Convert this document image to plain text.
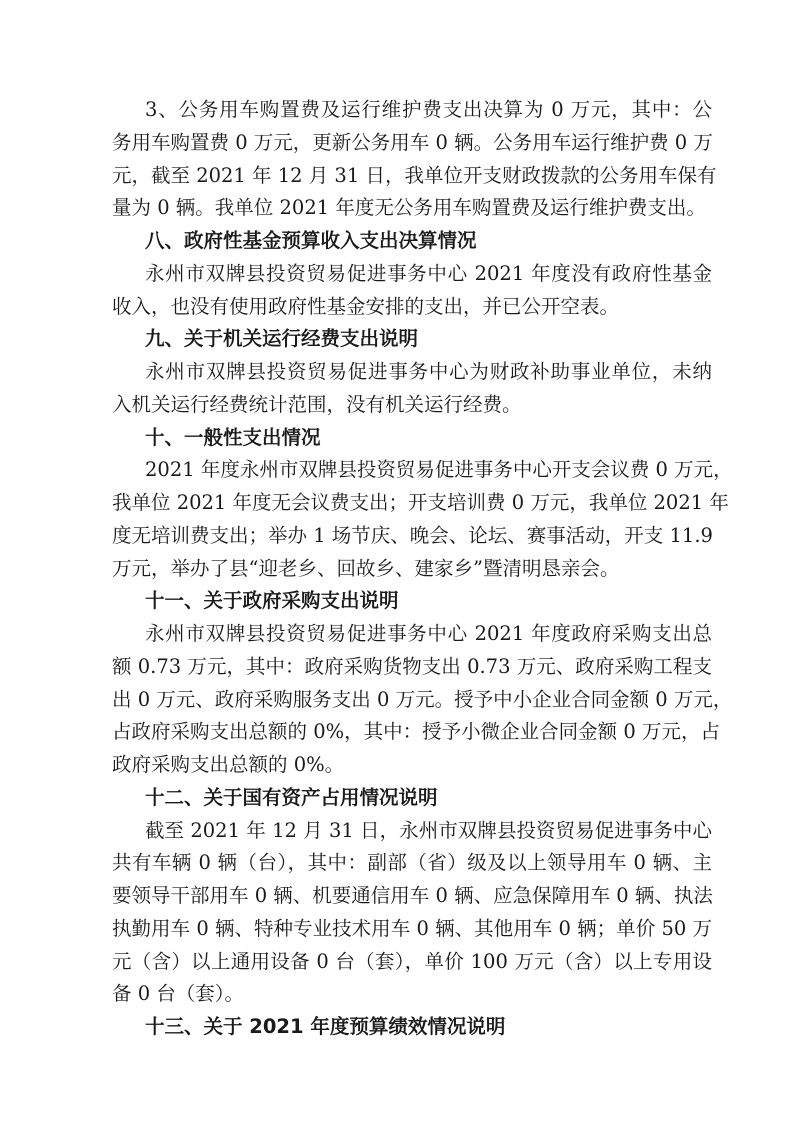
3、公务用车购置费及运行维护费支出决算为 0 万元，其中：公
务用车购置费 0 万元，更新公务用车 0 辆。公务用车运行维护费 0 万
元，截至 2021 年 12 月 31 日，我单位开支财政拨款的公务用车保有
量为 0 辆。我单位 2021 年度无公务用车购置费及运行维护费支出。
八、政府性基金预算收入支出决算情况
永州市双牌县投资贸易促进事务中心 2021 年度没有政府性基金
收入，也没有使用政府性基金安排的支出，并已公开空表。
九、关于机关运行经费支出说明
永州市双牌县投资贸易促进事务中心为财政补助事业单位，未纳
入机关运行经费统计范围，没有机关运行经费。
十、一般性支出情况
2021 年度永州市双牌县投资贸易促进事务中心开支会议费 0 万元，
我单位 2021 年度无会议费支出；开支培训费 0 万元，我单位 2021 年
度无培训费支出；举办 1 场节庆、晚会、论坛、赛事活动，开支 11.9
万元，举办了县“迎老乡、回故乡、建家乡”暨清明恳亲会。
十一、关于政府采购支出说明
永州市双牌县投资贸易促进事务中心 2021 年度政府采购支出总
额 0.73 万元，其中：政府采购货物支出 0.73 万元、政府采购工程支
出 0 万元、政府采购服务支出 0 万元。授予中小企业合同金额 0 万元，
占政府采购支出总额的 0%，其中：授予小微企业合同金额 0 万元，占
政府采购支出总额的 0%。
十二、关于国有资产占用情况说明
截至 2021 年 12 月 31 日，永州市双牌县投资贸易促进事务中心
共有车辆 0 辆（台），其中：副部（省）级及以上领导用车 0 辆、主
要领导干部用车 0 辆、机要通信用车 0 辆、应急保障用车 0 辆、执法
执勤用车 0 辆、特种专业技术用车 0 辆、其他用车 0 辆；单价 50 万
元（含）以上通用设备 0 台（套），单价 100 万元（含）以上专用设
备 0 台（套）。
十三、关于 2021 年度预算绩效情况说明
